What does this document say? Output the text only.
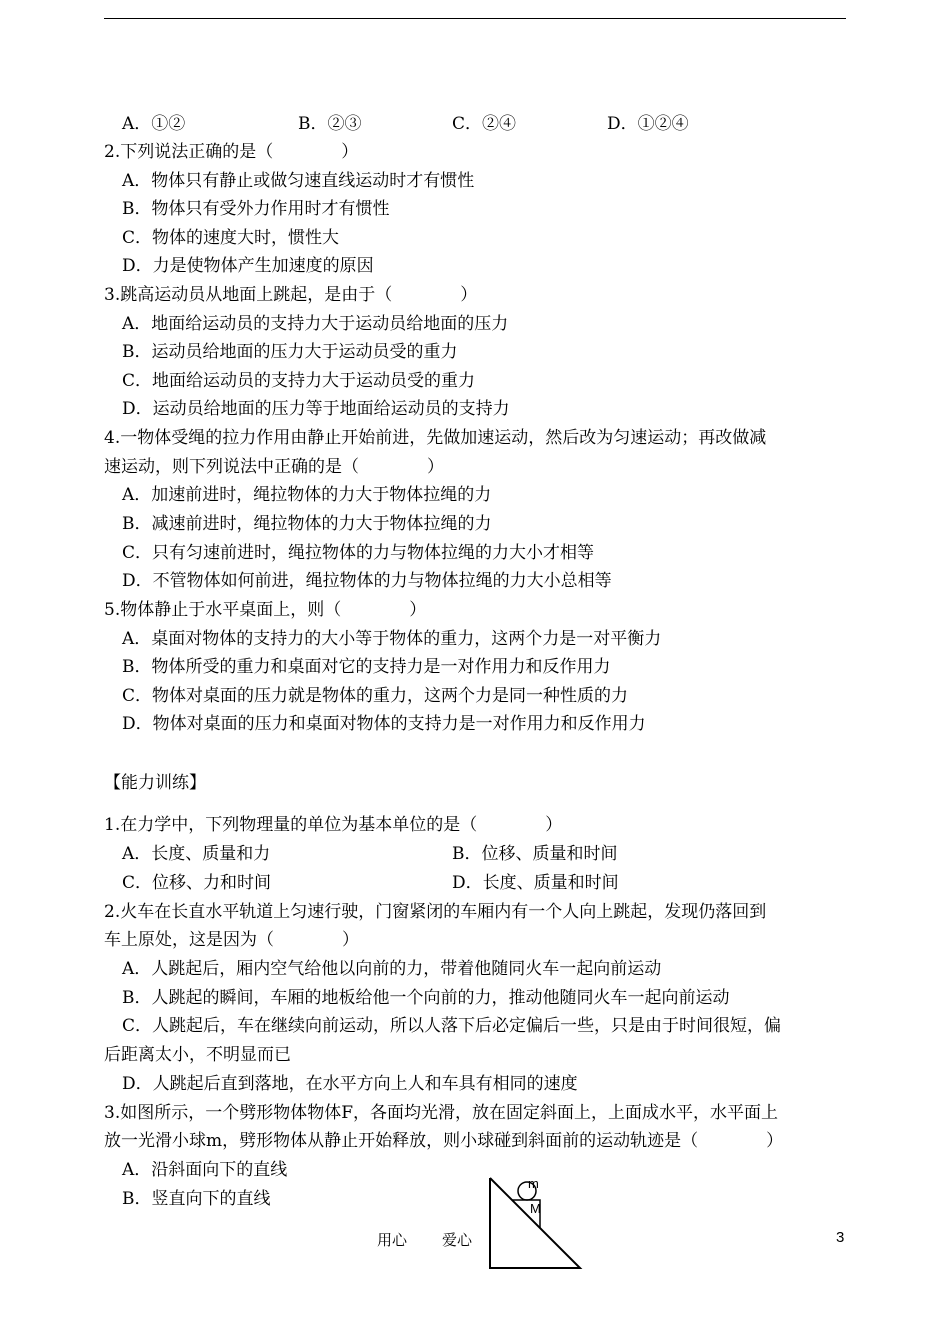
A．①②	B．②③	C．②④	D．①②④
2.下列说法正确的是（　　　　）
A．物体只有静止或做匀速直线运动时才有惯性
B．物体只有受外力作用时才有惯性
C．物体的速度大时，惯性大
D．力是使物体产生加速度的原因
3.跳高运动员从地面上跳起，是由于（　　　　）
A．地面给运动员的支持力大于运动员给地面的压力
B．运动员给地面的压力大于运动员受的重力
C．地面给运动员的支持力大于运动员受的重力
D．运动员给地面的压力等于地面给运动员的支持力
4.一物体受绳的拉力作用由静止开始前进，先做加速运动，然后改为匀速运动；再改做减
速运动，则下列说法中正确的是（　　　　）
A．加速前进时，绳拉物体的力大于物体拉绳的力
B．减速前进时，绳拉物体的力大于物体拉绳的力
C．只有匀速前进时，绳拉物体的力与物体拉绳的力大小才相等
D．不管物体如何前进，绳拉物体的力与物体拉绳的力大小总相等
5.物体静止于水平桌面上，则（　　　　）
A．桌面对物体的支持力的大小等于物体的重力，这两个力是一对平衡力
B．物体所受的重力和桌面对它的支持力是一对作用力和反作用力
C．物体对桌面的压力就是物体的重力，这两个力是同一种性质的力
D．物体对桌面的压力和桌面对物体的支持力是一对作用力和反作用力
【能力训练】
1.在力学中，下列物理量的单位为基本单位的是（　　　　）
A．长度、质量和力	B．位移、质量和时间
C．位移、力和时间	D．长度、质量和时间
2.火车在长直水平轨道上匀速行驶，门窗紧闭的车厢内有一个人向上跳起，发现仍落回到
车上原处，这是因为（　　　　）
A．人跳起后，厢内空气给他以向前的力，带着他随同火车一起向前运动
B．人跳起的瞬间，车厢的地板给他一个向前的力，推动他随同火车一起向前运动
C．人跳起后，车在继续向前运动，所以人落下后必定偏后一些，只是由于时间很短，偏
后距离太小，不明显而已
D．人跳起后直到落地，在水平方向上人和车具有相同的速度
3.如图所示，一个劈形物体物体F，各面均光滑，放在固定斜面上，上面成水平，水平面上
放一光滑小球m，劈形物体从静止开始释放，则小球碰到斜面前的运动轨迹是（　　　　）
A．沿斜面向下的直线
B．竖直向下的直线
m
M
用心 爱心	3
